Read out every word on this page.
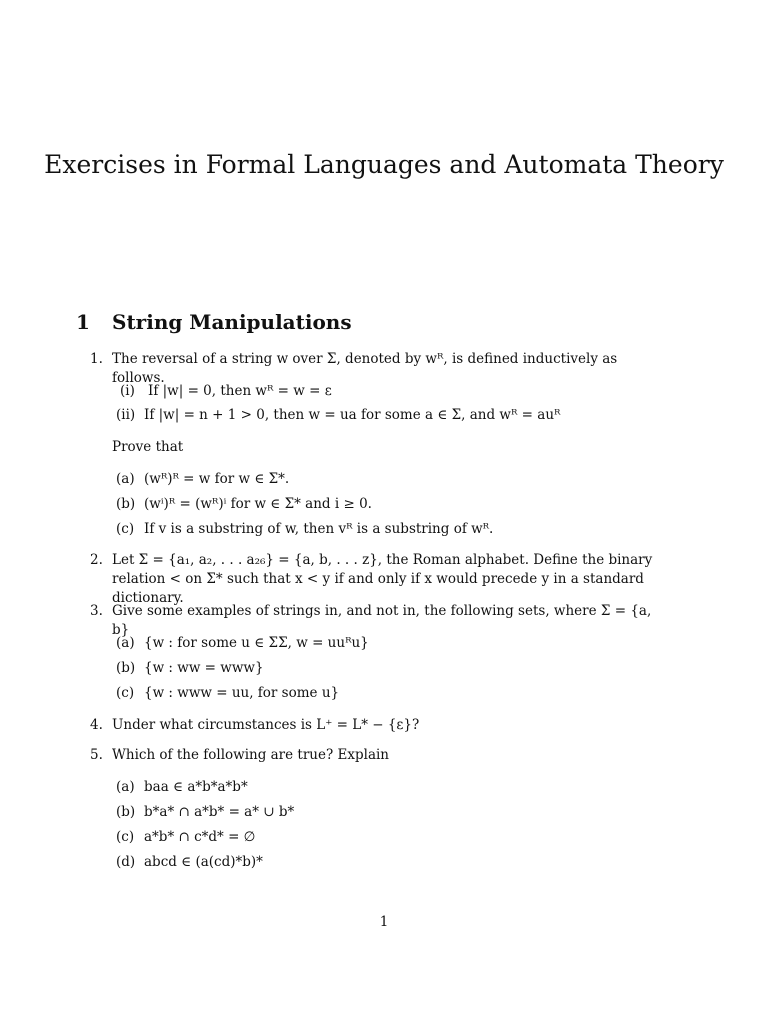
Exercises in Formal Languages and Automata Theory
1 String Manipulations
1. The reversal of a string w over Σ, denoted by wᴿ, is defined inductively as follows.
(i) If |w| = 0, then wᴿ = w = ε
(ii) If |w| = n + 1 > 0, then w = ua for some a ∈ Σ, and wᴿ = auᴿ
Prove that
(a) (wᴿ)ᴿ = w for w ∈ Σ*.
(b) (wⁱ)ᴿ = (wᴿ)ⁱ for w ∈ Σ* and i ≥ 0.
(c) If v is a substring of w, then vᴿ is a substring of wᴿ.
2. Let Σ = {a₁, a₂, . . . a₂₆} = {a, b, . . . z}, the Roman alphabet. Define the binary relation < on Σ* such that x < y if and only if x would precede y in a standard dictionary.
3. Give some examples of strings in, and not in, the following sets, where Σ = {a, b}
(a) {w : for some u ∈ ΣΣ, w = uuᴿu}
(b) {w : ww = www}
(c) {w : www = uu, for some u}
4. Under what circumstances is L⁺ = L* − {ε}?
5. Which of the following are true? Explain
(a) baa ∈ a*b*a*b*
(b) b*a* ∩ a*b* = a* ∪ b*
(c) a*b* ∩ c*d* = ∅
(d) abcd ∈ (a(cd)*b)*
1
